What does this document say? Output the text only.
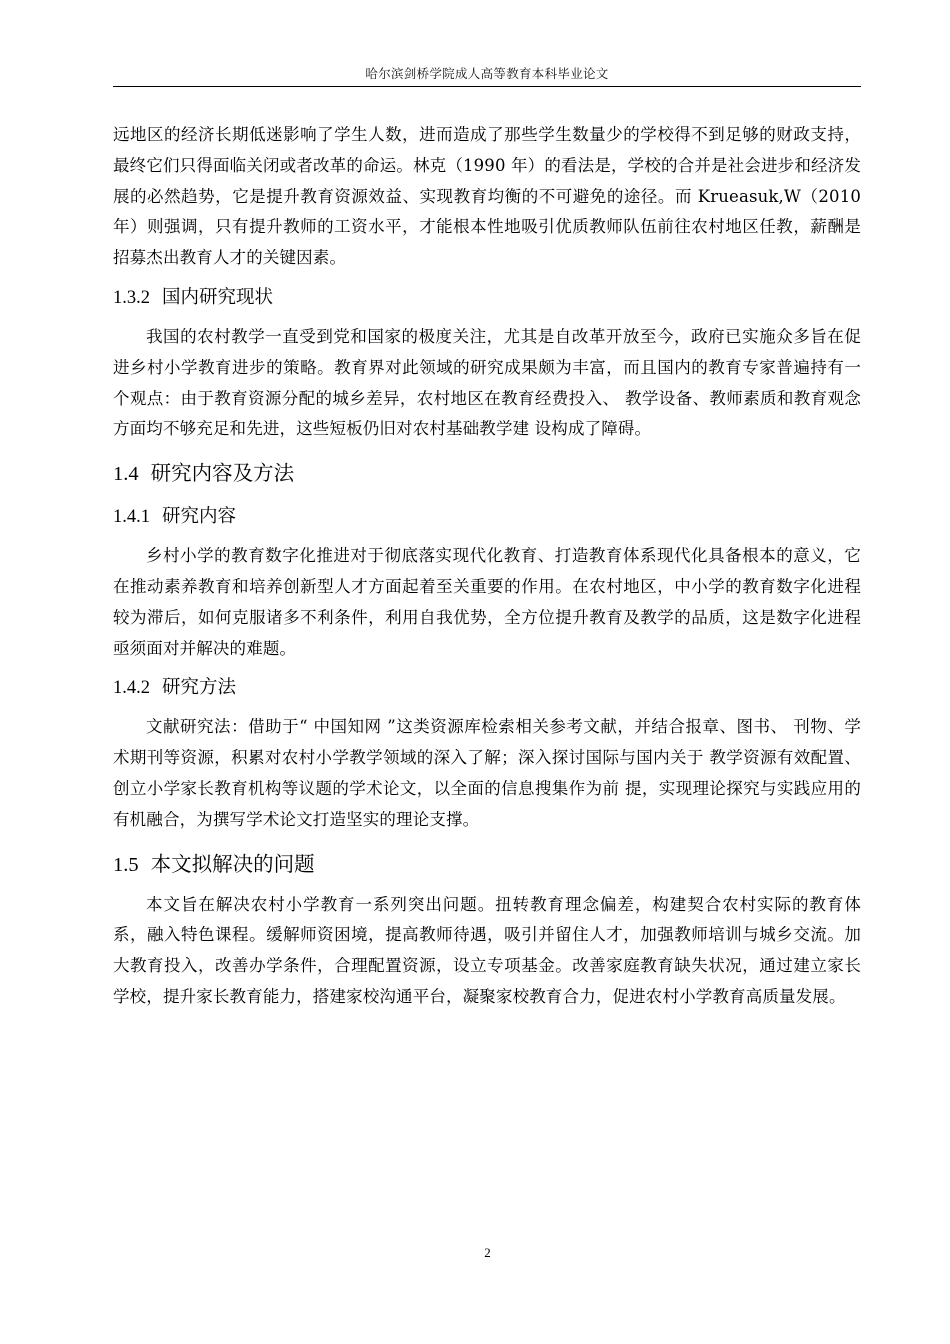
哈尔滨剑桥学院成人高等教育本科毕业论文

远地区的经济长期低迷影响了学生人数，进而造成了那些学生数量少的学校得不到足够的财政支持，最终它们只得面临关闭或者改革的命运。林克（1990 年）的看法是，学校的合并是社会进步和经济发展的必然趋势，它是提升教育资源效益、实现教育均衡的不可避免的途径。而 Krueasuk,W（2010 年）则强调，只有提升教师的工资水平，才能根本性地吸引优质教师队伍前往农村地区任教，薪酬是招募杰出教育人才的关键因素。

1.3.2 国内研究现状

我国的农村教学一直受到党和国家的极度关注，尤其是自改革开放至今，政府已实施众多旨在促进乡村小学教育进步的策略。教育界对此领域的研究成果颇为丰富，而且国内的教育专家普遍持有一个观点：由于教育资源分配的城乡差异，农村地区在教育经费投入、 教学设备、教师素质和教育观念方面均不够充足和先进，这些短板仍旧对农村基础教学建 设构成了障碍。

1.4 研究内容及方法
1.4.1 研究内容

乡村小学的教育数字化推进对于彻底落实现代化教育、打造教育体系现代化具备根本的意义，它在推动素养教育和培养创新型人才方面起着至关重要的作用。在农村地区，中小学的教育数字化进程较为滞后，如何克服诸多不利条件，利用自我优势，全方位提升教育及教学的品质，这是数字化进程亟须面对并解决的难题。

1.4.2 研究方法

文献研究法：借助于“ 中国知网 ”这类资源库检索相关参考文献，并结合报章、图书、 刊物、学术期刊等资源，积累对农村小学教学领域的深入了解；深入探讨国际与国内关于 教学资源有效配置、创立小学家长教育机构等议题的学术论文，以全面的信息搜集作为前 提，实现理论探究与实践应用的有机融合，为撰写学术论文打造坚实的理论支撑。

1.5 本文拟解决的问题

本文旨在解决农村小学教育一系列突出问题。扭转教育理念偏差，构建契合农村实际的教育体系，融入特色课程。缓解师资困境，提高教师待遇，吸引并留住人才，加强教师培训与城乡交流。加大教育投入，改善办学条件，合理配置资源，设立专项基金。改善家庭教育缺失状况，通过建立家长学校，提升家长教育能力，搭建家校沟通平台，凝聚家校教育合力，促进农村小学教育高质量发展。

2
